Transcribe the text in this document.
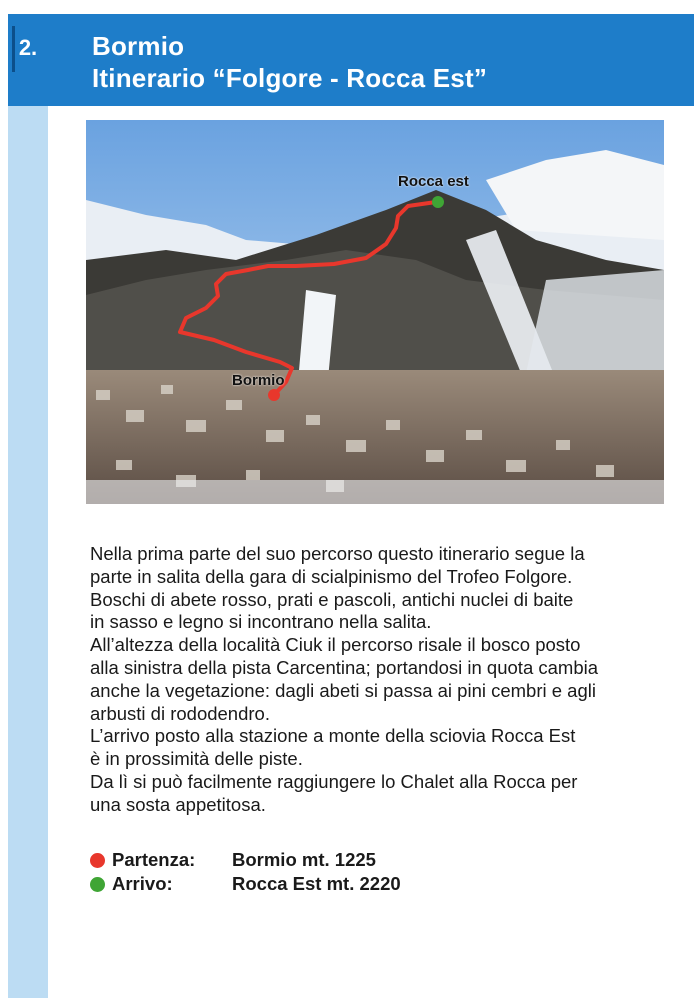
2.	Bormio
Itinerario “Folgore - Rocca Est”
Rocca est
Bormio

Nella prima parte del suo percorso questo itinerario segue la

parte in salita della gara di scialpinismo del Trofeo Folgore.

Boschi di abete rosso, prati e pascoli, antichi nuclei di baite

in sasso e legno si incontrano nella salita.

All’altezza della località Ciuk il percorso risale il bosco posto

alla sinistra della pista Carcentina; portandosi in quota cambia

anche la vegetazione: dagli abeti si passa ai pini cembri e agli

arbusti di rododendro.

L’arrivo posto alla stazione a monte della sciovia Rocca Est

è in prossimità delle piste.

Da lì si può facilmente raggiungere lo Chalet alla Rocca per

una sosta appetitosa.

Partenza:	Bormio mt. 1225
Arrivo:	Rocca Est mt. 2220
